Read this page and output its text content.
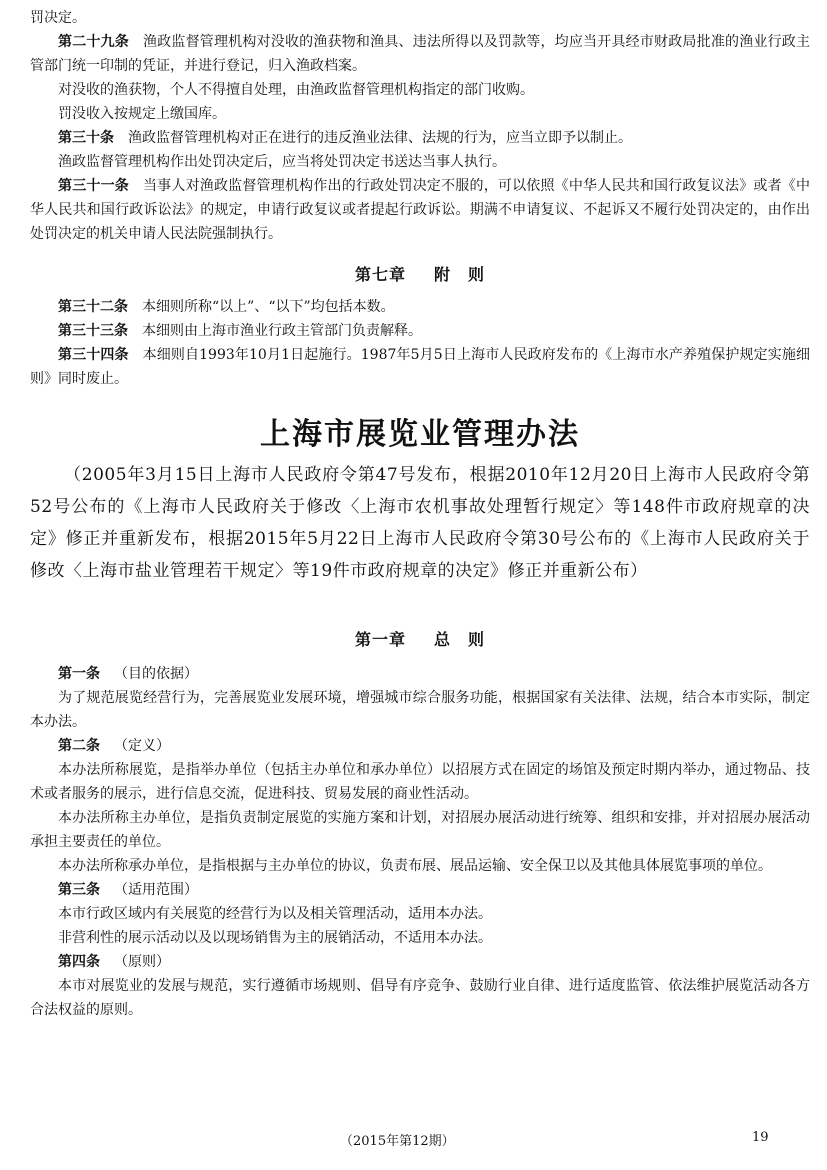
罚决定。

第二十九条 渔政监督管理机构对没收的渔获物和渔具、违法所得以及罚款等，均应当开具经市财政局批准的渔业行政主管部门统一印制的凭证，并进行登记，归入渔政档案。

对没收的渔获物，个人不得擅自处理，由渔政监督管理机构指定的部门收购。

罚没收入按规定上缴国库。

第三十条 渔政监督管理机构对正在进行的违反渔业法律、法规的行为，应当立即予以制止。

渔政监督管理机构作出处罚决定后，应当将处罚决定书送达当事人执行。

第三十一条 当事人对渔政监督管理机构作出的行政处罚决定不服的，可以依照《中华人民共和国行政复议法》或者《中华人民共和国行政诉讼法》的规定，申请行政复议或者提起行政诉讼。期满不申请复议、不起诉又不履行处罚决定的，由作出处罚决定的机关申请人民法院强制执行。

第七章 附　则

第三十二条 本细则所称“以上”、“以下”均包括本数。

第三十三条 本细则由上海市渔业行政主管部门负责解释。

第三十四条 本细则自1993年10月1日起施行。1987年5月5日上海市人民政府发布的《上海市水产养殖保护规定实施细则》同时废止。

上海市展览业管理办法

（2005年3月15日上海市人民政府令第47号发布，根据2010年12月20日上海市人民政府令第52号公布的《上海市人民政府关于修改〈上海市农机事故处理暂行规定〉等148件市政府规章的决定》修正并重新发布，根据2015年5月22日上海市人民政府令第30号公布的《上海市人民政府关于修改〈上海市盐业管理若干规定〉等19件市政府规章的决定》修正并重新公布）

第一章 总　则

第一条 （目的依据）

为了规范展览经营行为，完善展览业发展环境，增强城市综合服务功能，根据国家有关法律、法规，结合本市实际，制定本办法。

第二条 （定义）

本办法所称展览，是指举办单位（包括主办单位和承办单位）以招展方式在固定的场馆及预定时期内举办，通过物品、技术或者服务的展示，进行信息交流，促进科技、贸易发展的商业性活动。

本办法所称主办单位，是指负责制定展览的实施方案和计划，对招展办展活动进行统筹、组织和安排，并对招展办展活动承担主要责任的单位。

本办法所称承办单位，是指根据与主办单位的协议，负责布展、展品运输、安全保卫以及其他具体展览事项的单位。

第三条 （适用范围）

本市行政区域内有关展览的经营行为以及相关管理活动，适用本办法。

非营利性的展示活动以及以现场销售为主的展销活动，不适用本办法。

第四条 （原则）

本市对展览业的发展与规范，实行遵循市场规则、倡导有序竞争、鼓励行业自律、进行适度监管、依法维护展览活动各方合法权益的原则。

（2015年第12期）	19
